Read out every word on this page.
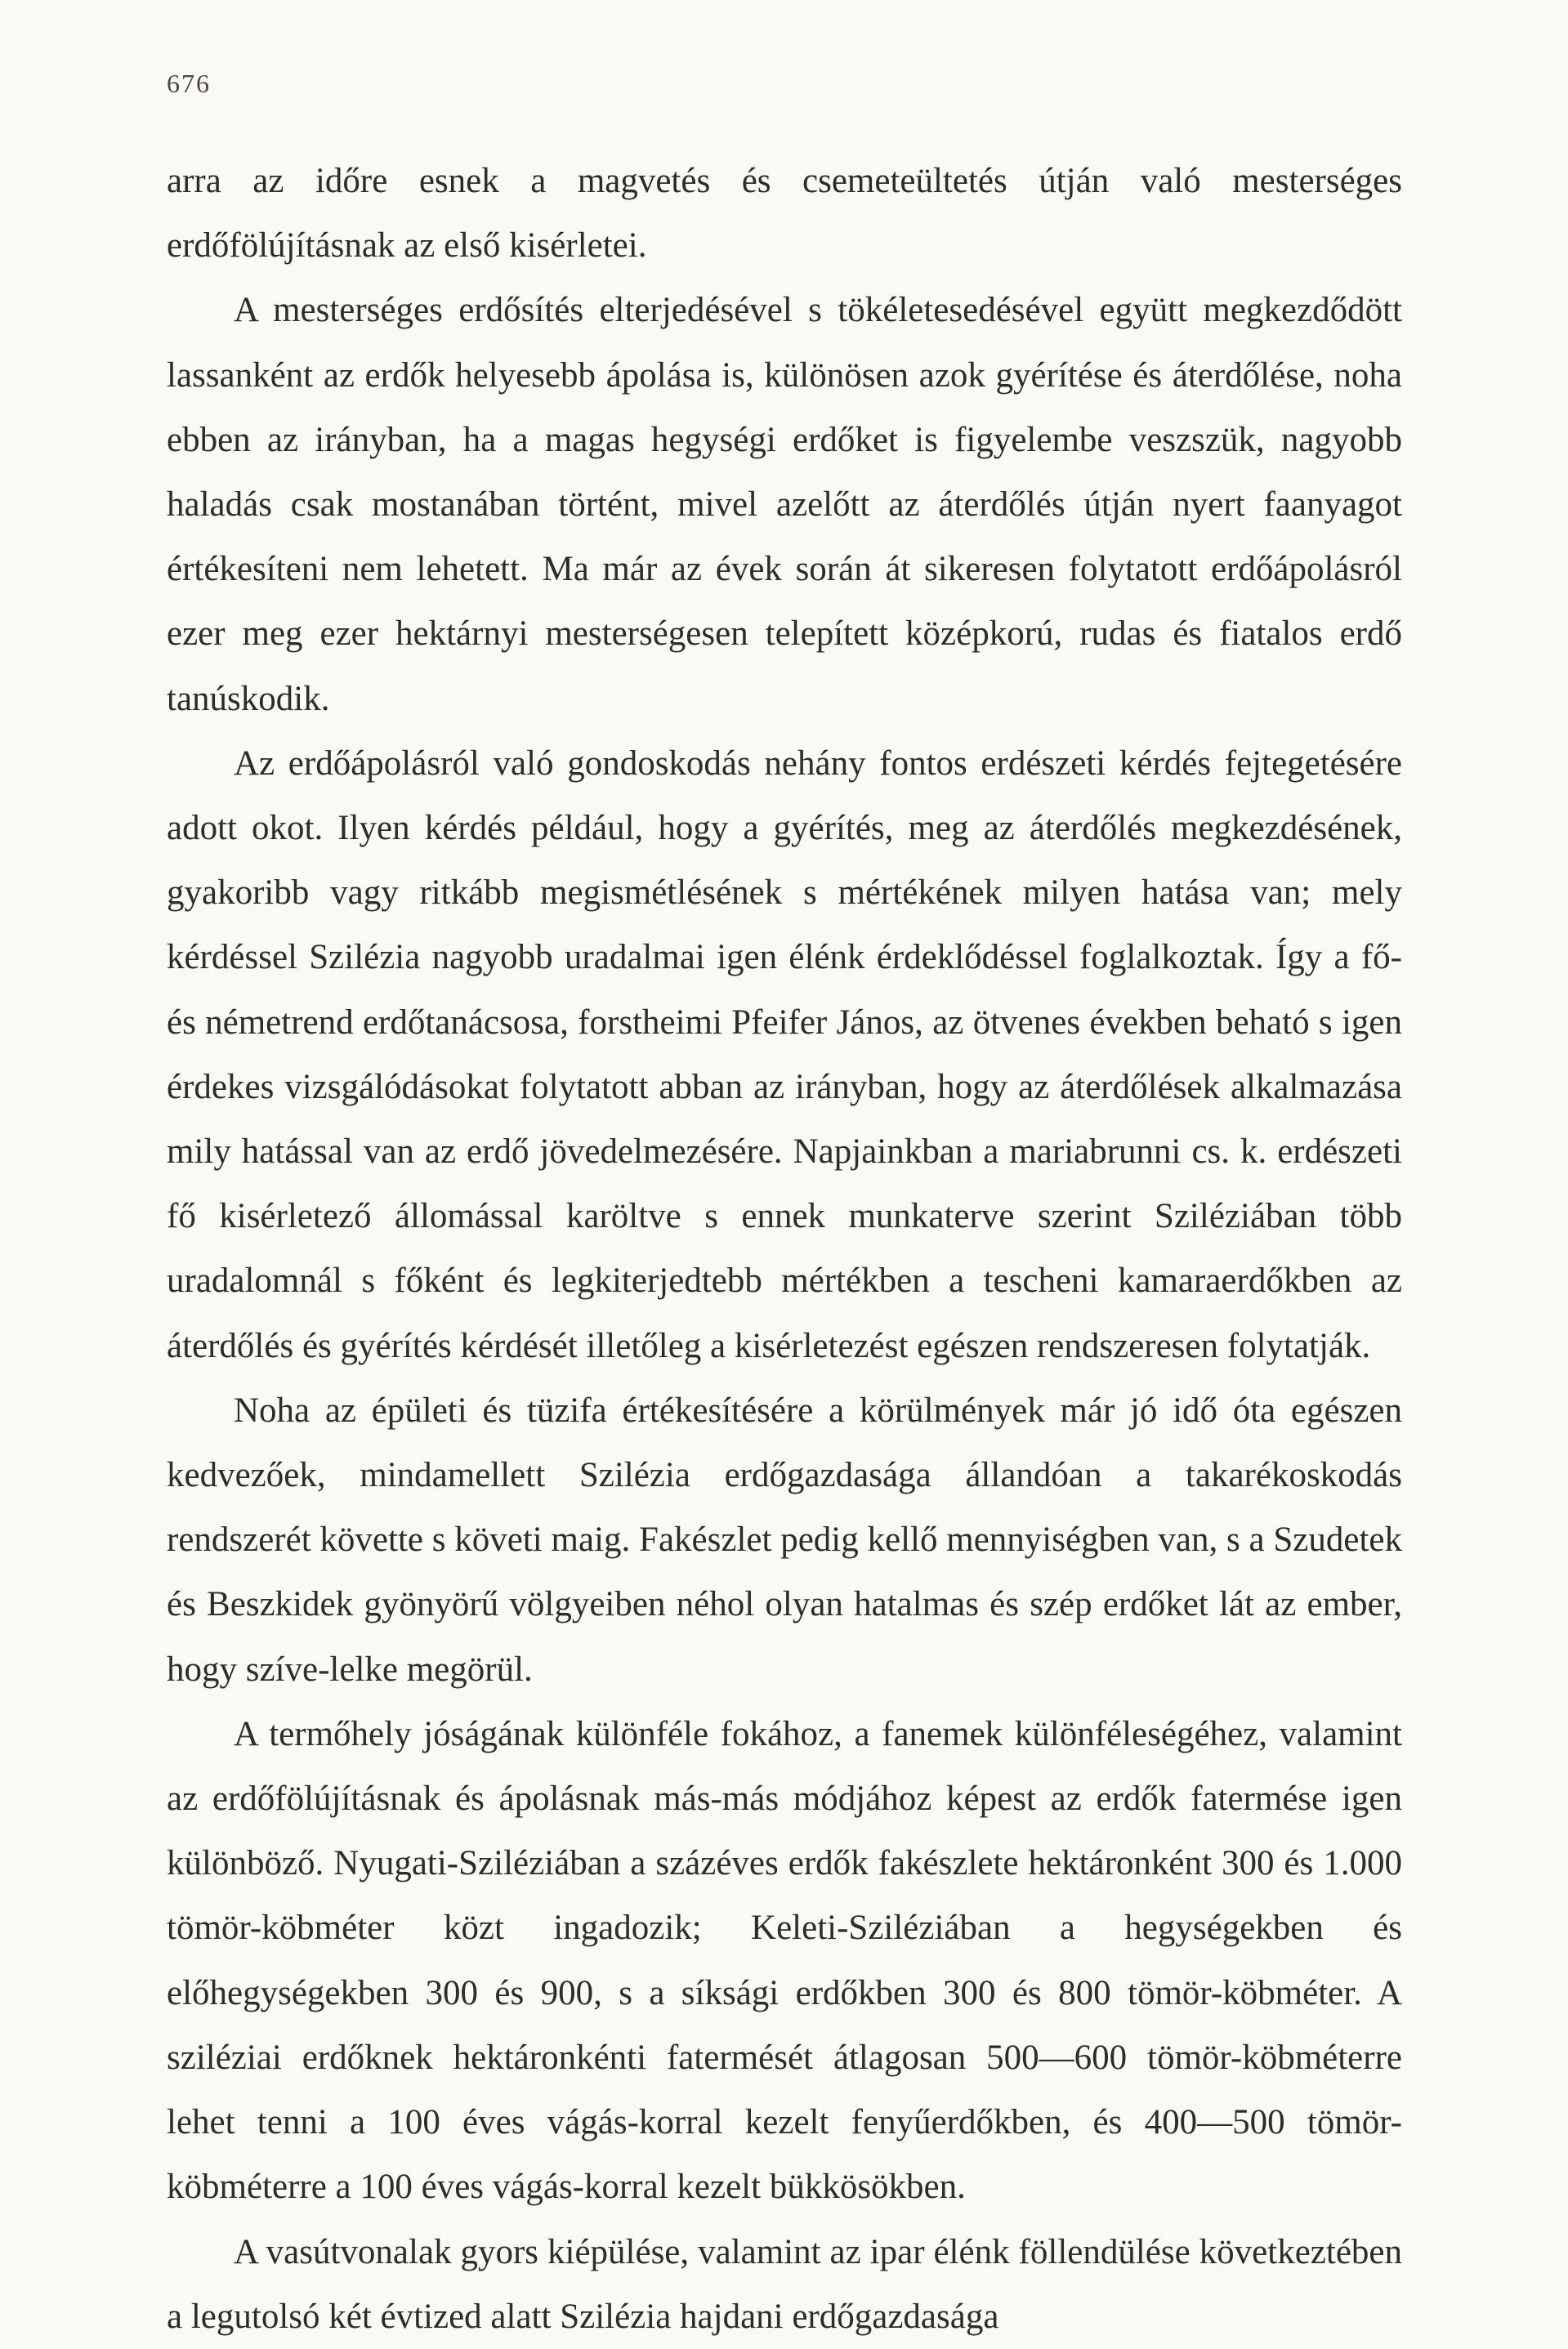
676

arra az időre esnek a magvetés és csemeteültetés útján való mesterséges erdőfölújításnak az első kisérletei.

A mesterséges erdősítés elterjedésével s tökéletesedésével együtt megkezdődött lassanként az erdők helyesebb ápolása is, különösen azok gyérítése és áterdőlése, noha ebben az irányban, ha a magas hegységi erdőket is figyelembe veszszük, nagyobb haladás csak mostanában történt, mivel azelőtt az áterdőlés útján nyert faanyagot értékesíteni nem lehetett. Ma már az évek során át sikeresen folytatott erdőápolásról ezer meg ezer hektárnyi mesterségesen telepített középkorú, rudas és fiatalos erdő tanúskodik.

Az erdőápolásról való gondoskodás nehány fontos erdészeti kérdés fejtegetésére adott okot. Ilyen kérdés például, hogy a gyérítés, meg az áterdőlés megkezdésének, gyakoribb vagy ritkább megismétlésének s mértékének milyen hatása van; mely kérdéssel Szilézia nagyobb uradalmai igen élénk érdeklődéssel foglalkoztak. Így a fő- és németrend erdőtanácsosa, forstheimi Pfeifer János, az ötvenes években beható s igen érdekes vizsgálódásokat folytatott abban az irányban, hogy az áterdőlések alkalmazása mily hatással van az erdő jövedelmezésére. Napjainkban a mariabrunni cs. k. erdészeti fő kisérletező állomással karöltve s ennek munkaterve szerint Sziléziában több uradalomnál s főként és legkiterjedtebb mértékben a tescheni kamaraerdőkben az áterdőlés és gyérítés kérdését illetőleg a kisérletezést egészen rendszeresen folytatják.

Noha az épületi és tüzifa értékesítésére a körülmények már jó idő óta egészen kedvezőek, mindamellett Szilézia erdőgazdasága állandóan a takarékoskodás rendszerét követte s követi maig. Fakészlet pedig kellő mennyiségben van, s a Szudetek és Beszkidek gyönyörű völgyeiben néhol olyan hatalmas és szép erdőket lát az ember, hogy szíve-lelke megörül.

A termőhely jóságának különféle fokához, a fanemek különféleségéhez, valamint az erdőfölújításnak és ápolásnak más-más módjához képest az erdők fatermése igen különböző. Nyugati-Sziléziában a százéves erdők fakészlete hektáronként 300 és 1.000 tömör-köbméter közt ingadozik; Keleti-Sziléziában a hegységekben és előhegységekben 300 és 900, s a síksági erdőkben 300 és 800 tömör-köbméter. A sziléziai erdőknek hektáronkénti fatermését átlagosan 500—600 tömör-köbméterre lehet tenni a 100 éves vágás-korral kezelt fenyűerdőkben, és 400—500 tömör-köbméterre a 100 éves vágás-korral kezelt bükkösökben.

A vasútvonalak gyors kiépülése, valamint az ipar élénk föllendülése következtében a legutolsó két évtized alatt Szilézia hajdani erdőgazdasága
